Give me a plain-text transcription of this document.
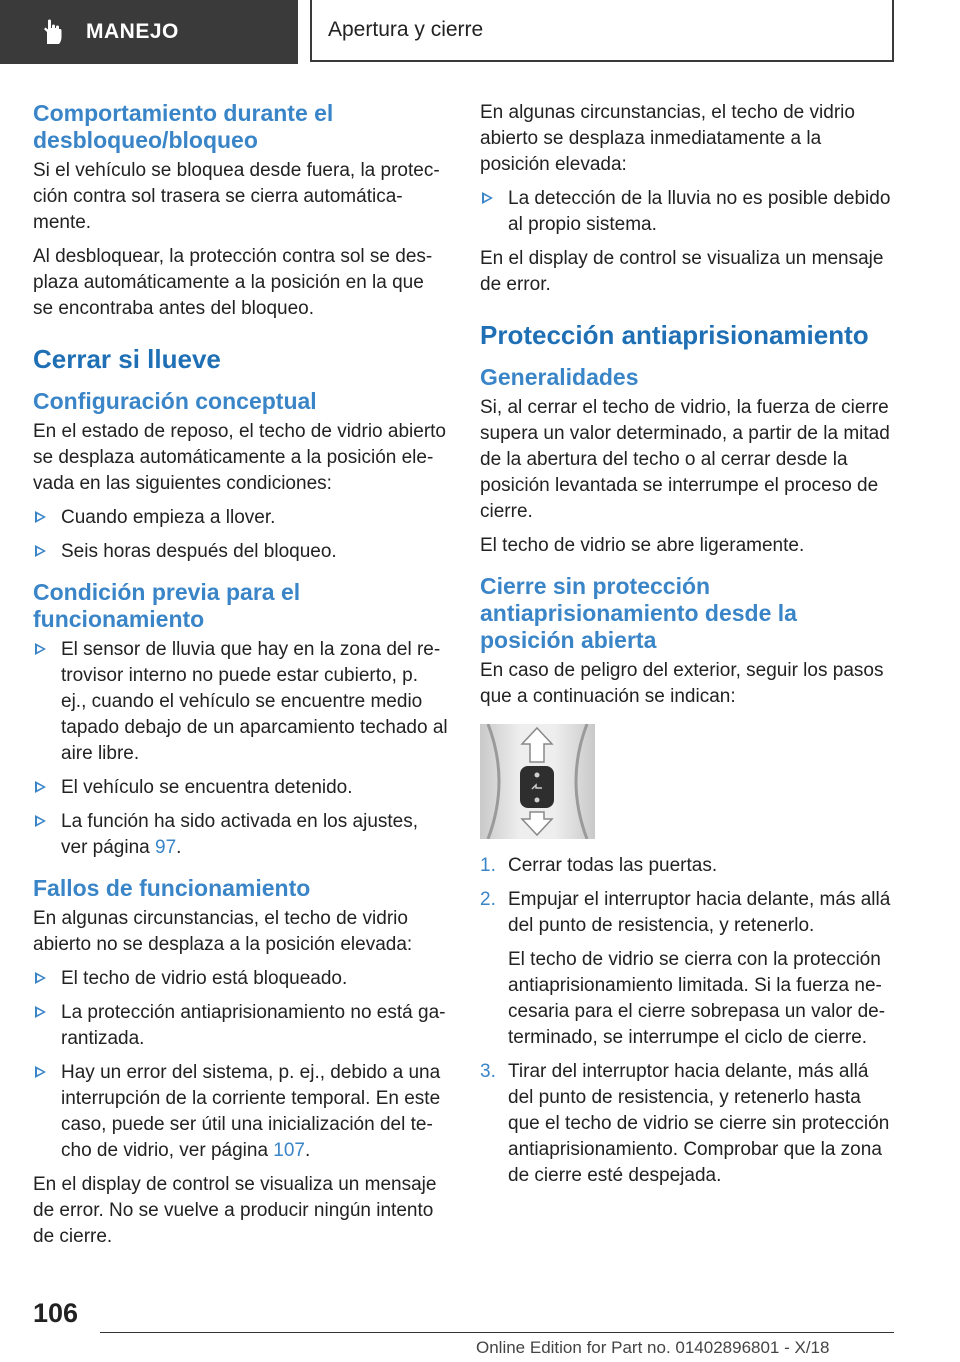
MANEJO	Apertura y cierre
Comportamiento durante el desbloqueo/bloqueo

Si el vehículo se bloquea desde fuera, la protección contra sol trasera se cierra automáticamente.

Al desbloquear, la protección contra sol se desplaza automáticamente a la posición en la que se encontraba antes del bloqueo.

Cerrar si llueve
Configuración conceptual

En el estado de reposo, el techo de vidrio abierto se desplaza automáticamente a la posición elevada en las siguientes condiciones:

Cuando empieza a llover.
Seis horas después del bloqueo.
Condición previa para el funcionamiento
El sensor de lluvia que hay en la zona del retrovisor interno no puede estar cubierto, p. ej., cuando el vehículo se encuentre medio tapado debajo de un aparcamiento techado al aire libre.
El vehículo se encuentra detenido.
La función ha sido activada en los ajustes, ver página 97.
Fallos de funcionamiento

En algunas circunstancias, el techo de vidrio abierto no se desplaza a la posición elevada:

El techo de vidrio está bloqueado.
La protección antiaprisionamiento no está garantizada.
Hay un error del sistema, p. ej., debido a una interrupción de la corriente temporal. En este caso, puede ser útil una inicialización del techo de vidrio, ver página 107.

En el display de control se visualiza un mensaje de error. No se vuelve a producir ningún intento de cierre.

En algunas circunstancias, el techo de vidrio abierto se desplaza inmediatamente a la posición elevada:

La detección de la lluvia no es posible debido al propio sistema.

En el display de control se visualiza un mensaje de error.

Protección antiaprisionamiento
Generalidades

Si, al cerrar el techo de vidrio, la fuerza de cierre supera un valor determinado, a partir de la mitad de la abertura del techo o al cerrar desde la posición levantada se interrumpe el proceso de cierre.

El techo de vidrio se abre ligeramente.

Cierre sin protección antiaprisionamiento desde la posición abierta

En caso de peligro del exterior, seguir los pasos que a continuación se indican:

1. Cerrar todas las puertas.
2. Empujar el interruptor hacia delante, más allá del punto de resistencia, y retenerlo.

El techo de vidrio se cierra con la protección antiaprisionamiento limitada. Si la fuerza necesaria para el cierre sobrepasa un valor determinado, se interrumpe el ciclo de cierre.

3. Tirar del interruptor hacia delante, más allá del punto de resistencia, y retenerlo hasta que el techo de vidrio se cierre sin protección antiaprisionamiento. Comprobar que la zona de cierre esté despejada.
106
Online Edition for Part no. 01402896801 - X/18
